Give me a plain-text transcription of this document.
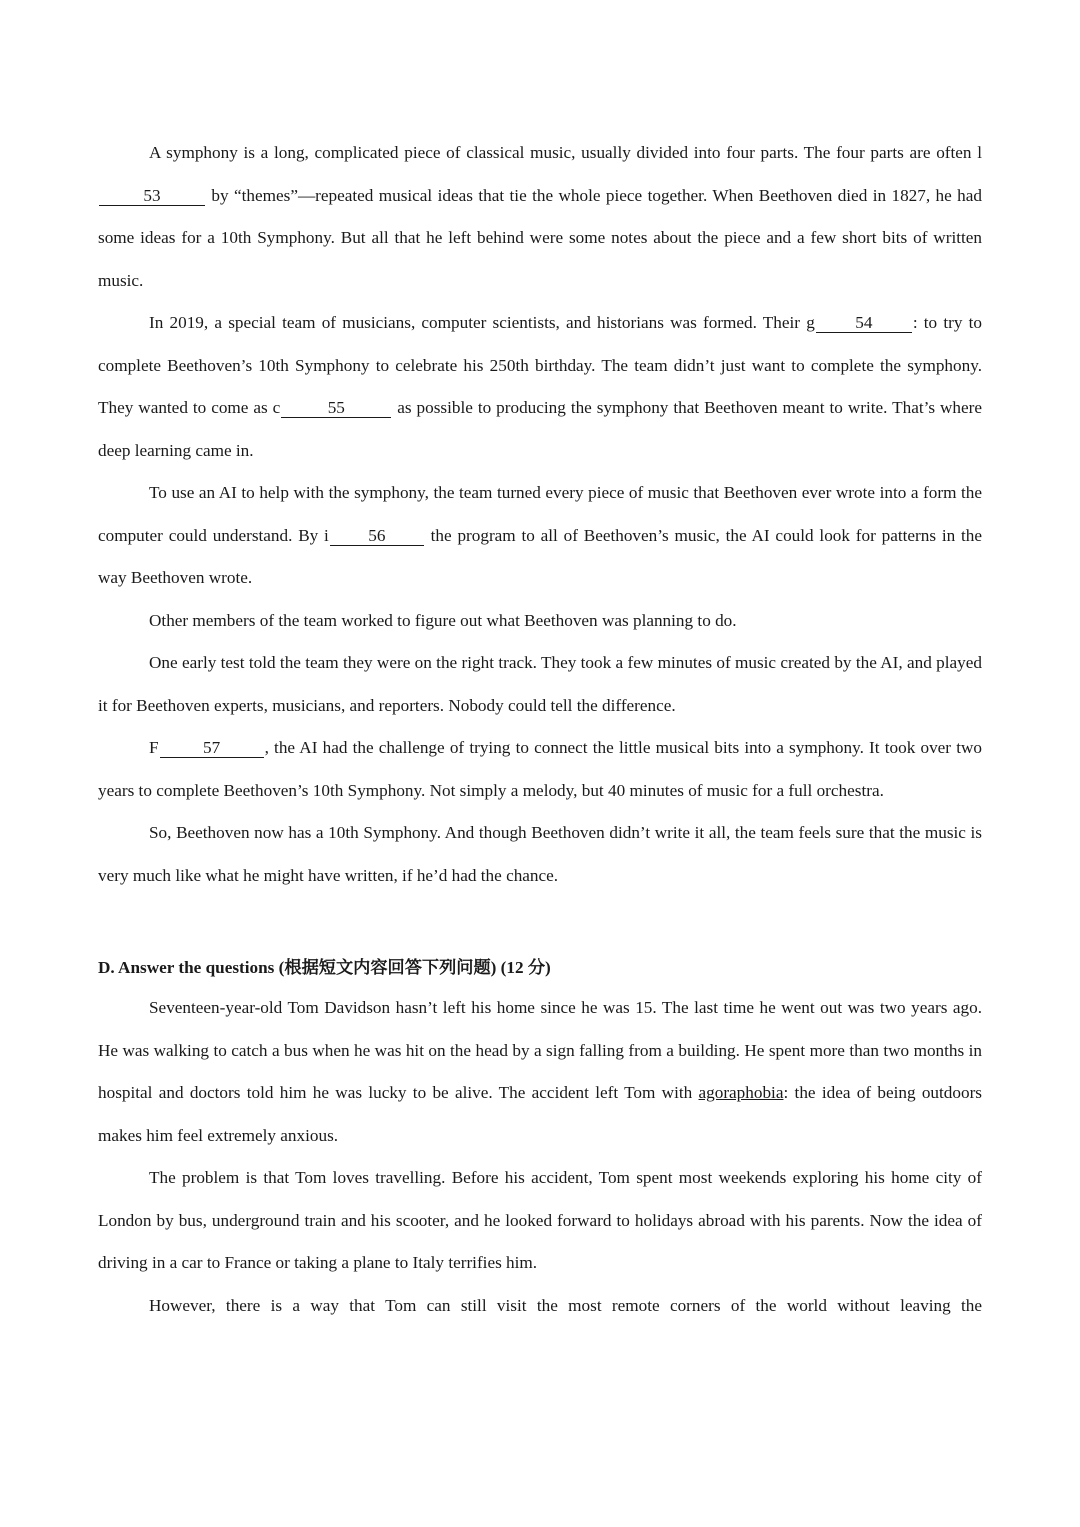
A symphony is a long, complicated piece of classical music, usually divided into four parts. The four parts are often l53	by “themes”—repeated musical ideas that tie the whole piece together. When Beethoven died in 1827, he had some ideas for a 10th Symphony. But all that he left behind were some notes about the piece and a few short bits of written music.

In 2019, a special team of musicians, computer scientists, and historians was formed. Their g 54 : to try to complete Beethoven’s 10th Symphony to celebrate his 250th birthday. The team didn’t just want to complete the symphony. They wanted to come as c	55	as possible to producing the symphony that Beethoven meant to write. That’s where deep learning came in.

To use an AI to help with the symphony, the team turned every piece of music that Beethoven ever wrote into a form the computer could understand. By i 56 the program to all of Beethoven’s music, the AI could look for patterns in the way Beethoven wrote.

Other members of the team worked to figure out what Beethoven was planning to do.

One early test told the team they were on the right track. They took a few minutes of music created by the AI, and played it for Beethoven experts, musicians, and reporters. Nobody could tell the difference.

F	57	, the AI had the challenge of trying to connect the little musical bits into a symphony. It took over two years to complete Beethoven’s 10th Symphony. Not simply a melody, but 40 minutes of music for a full orchestra.

So, Beethoven now has a 10th Symphony. And though Beethoven didn’t write it all, the team feels sure that the music is very much like what he might have written, if he’d had the chance.

D. Answer the questions (根据短文内容回答下列问题) (12 分)

Seventeen-year-old Tom Davidson hasn’t left his home since he was 15. The last time he went out was two years ago. He was walking to catch a bus when he was hit on the head by a sign falling from a building. He spent more than two months in hospital and doctors told him he was lucky to be alive. The accident left Tom with agoraphobia: the idea of being outdoors makes him feel extremely anxious.

The problem is that Tom loves travelling. Before his accident, Tom spent most weekends exploring his home city of London by bus, underground train and his scooter, and he looked forward to holidays abroad with his parents. Now the idea of driving in a car to France or taking a plane to Italy terrifies him.

However, there is a way that Tom can still visit the most remote corners of the world without leaving the
